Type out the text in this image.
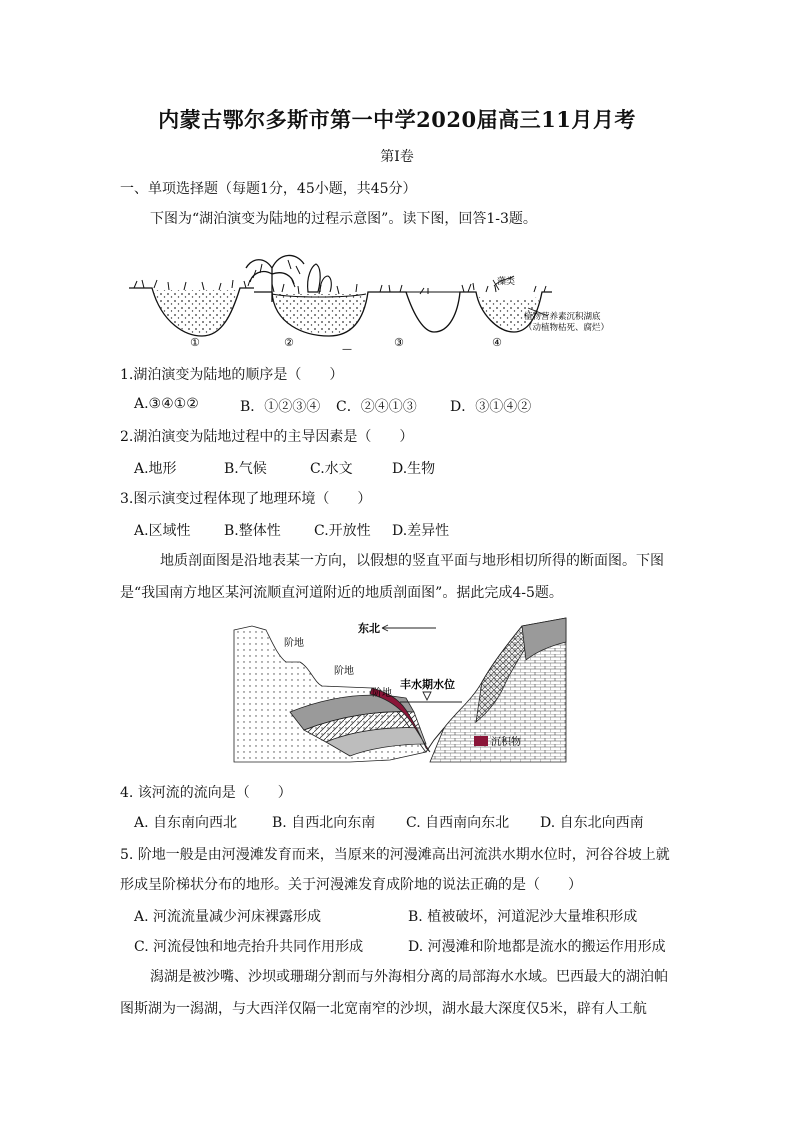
内蒙古鄂尔多斯市第一中学2020届高三11月月考
第Ⅰ卷
一、单项选择题（每题1分，45小题，共45分）
下图为“湖泊演变为陆地的过程示意图”。读下图，回答1-3题。
藻类
植物营养素沉积湖底
（动植物枯死、腐烂）
①	②	③	④
—
1.湖泊演变为陆地的顺序是（　　）
A.③④①②	B．①②③④ C．②④①③ D．③①④②
2.湖泊演变为陆地过程中的主导因素是（　　）
A.地形	B.气候	C.水文	D.生物
3.图示演变过程体现了地理环境（　　）
A.区域性 B.整体性 C.开放性 D.差异性
地质剖面图是沿地表某一方向，以假想的竖直平面与地形相切所得的断面图。下图
是“我国南方地区某河流顺直河道附近的地质剖面图”。据此完成4-5题。
东北
阶地
阶地
阶地
丰水期水位
沉积物
4. 该河流的流向是（　　）
A. 自东南向西北 B. 自西北向东南 C. 自西南向东北 D. 自东北向西南
5. 阶地一般是由河漫滩发育而来，当原来的河漫滩高出河流洪水期水位时，河谷谷坡上就
形成呈阶梯状分布的地形。关于河漫滩发育成阶地的说法正确的是（　　）
A. 河流流量减少河床裸露形成	B. 植被破坏，河道泥沙大量堆积形成
C. 河流侵蚀和地壳抬升共同作用形成	D. 河漫滩和阶地都是流水的搬运作用形成
潟湖是被沙嘴、沙坝或珊瑚分割而与外海相分离的局部海水水域。巴西最大的湖泊帕
图斯湖为一潟湖，与大西洋仅隔一北宽南窄的沙坝，湖水最大深度仅5米，辟有人工航
